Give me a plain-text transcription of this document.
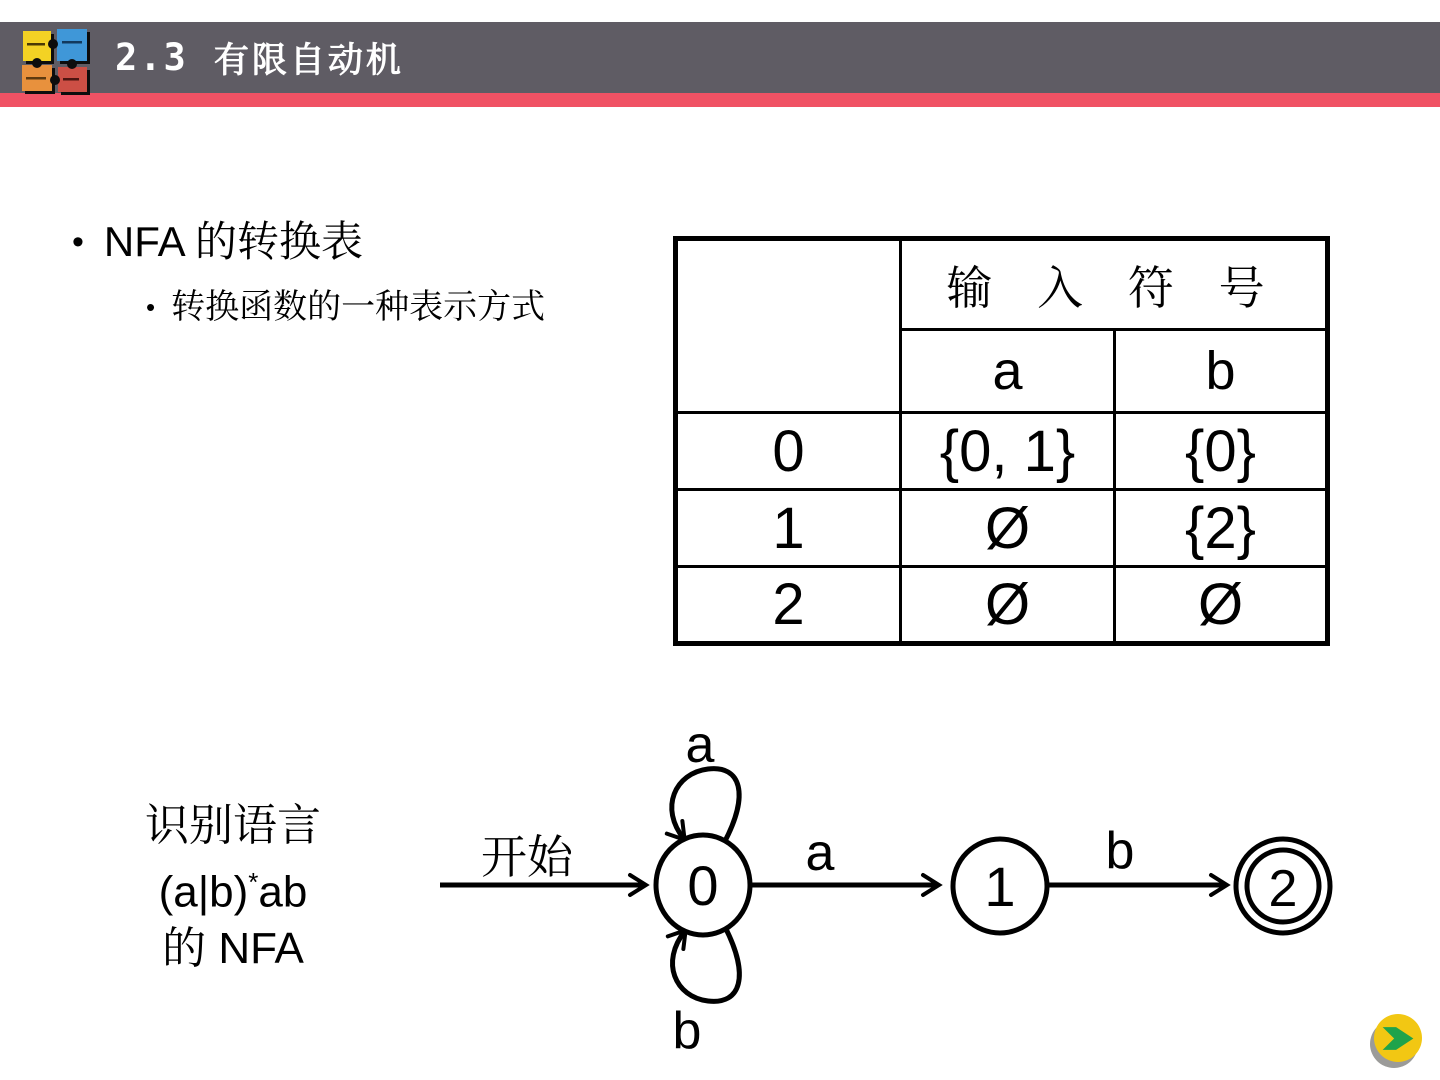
2.3 有限自动机
• NFA 的转换表
• 转换函数的一种表示方式
		输 入 符 号	
	a	b
0	{0, 1}	{0}
1	Ø	{2}
2	Ø	Ø
识别语言
(a|b)*ab
的 NFA
开始
a
b
a	b
0	1	2
